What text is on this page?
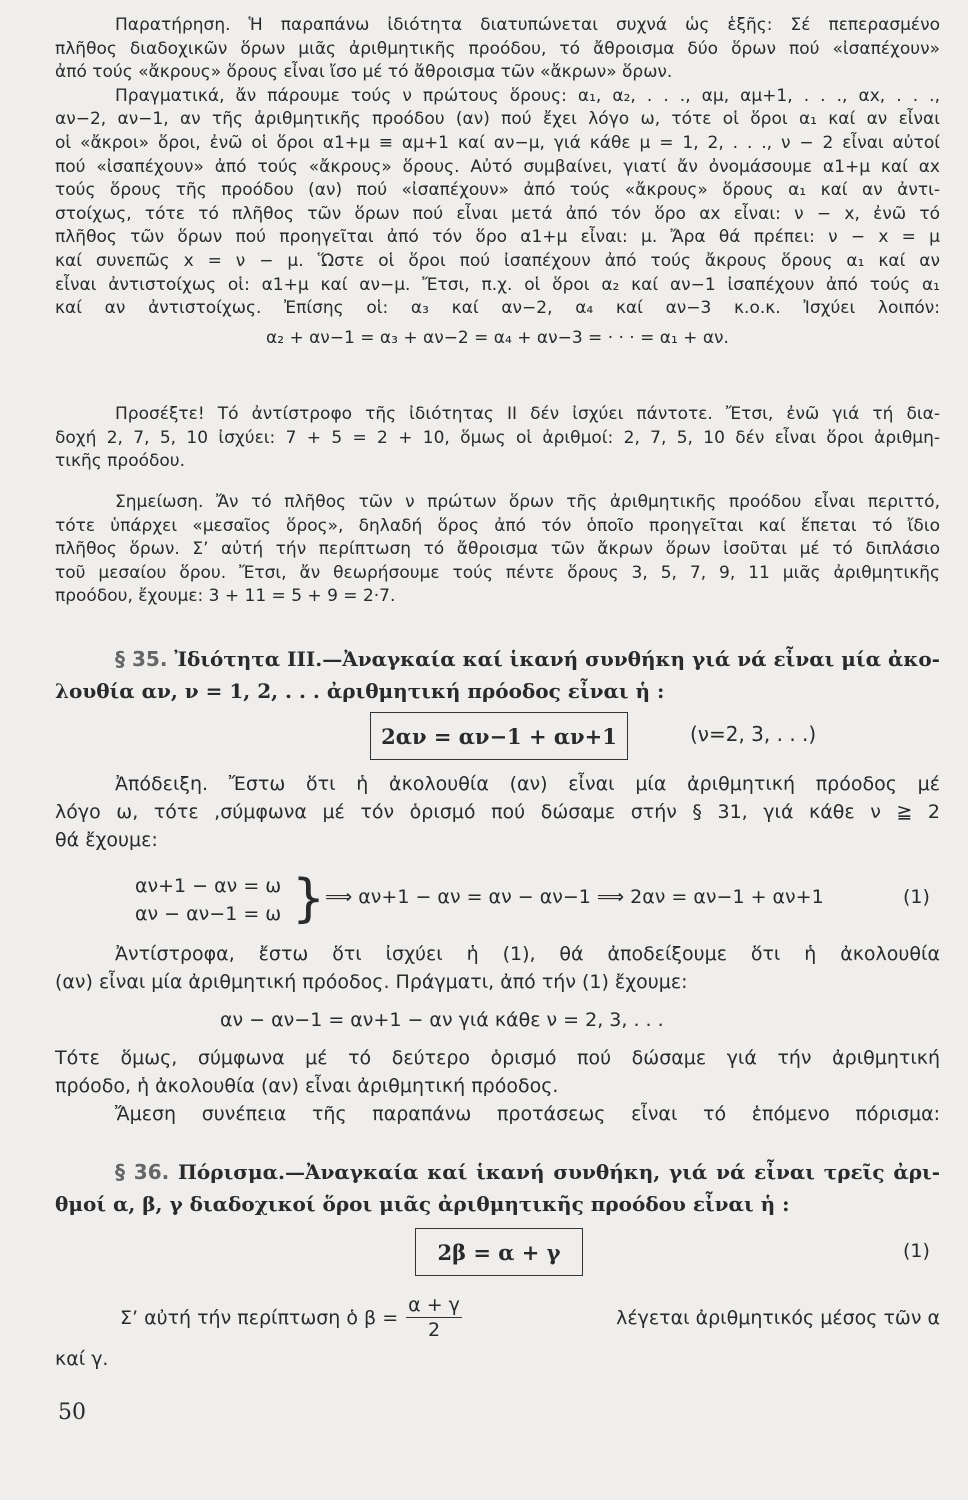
Παρατήρηση. Ἡ παραπάνω ἰδιότητα διατυπώνεται συχνά ὡς ἑξῆς: Σέ πεπερασμένο
πλῆθος διαδοχικῶν ὅρων μιᾶς ἀριθμητικῆς προόδου, τό ἄθροισμα δύο ὅρων πού «ἰσαπέχουν»
ἀπό τούς «ἄκρους» ὅρους εἶναι ἴσο μέ τό ἄθροισμα τῶν «ἄκρων» ὅρων.
Πραγματικά, ἄν πάρουμε τούς ν πρώτους ὅρους: α₁, α₂, . . ., αμ, αμ+1, . . ., αx, . . .,
αν−2, αν−1, αν τῆς ἀριθμητικῆς προόδου (αν) πού ἔχει λόγο ω, τότε οἱ ὅροι α₁ καί αν εἶναι
οἱ «ἄκροι» ὅροι, ἐνῶ οἱ ὅροι α1+μ ≡ αμ+1 καί αν−μ, γιά κάθε μ = 1, 2, . . ., ν − 2 εἶναι αὐτοί
πού «ἰσαπέχουν» ἀπό τούς «ἄκρους» ὅρους. Αὐτό συμβαίνει, γιατί ἄν ὀνομάσουμε α1+μ καί αx
τούς ὅρους τῆς προόδου (αν) πού «ἰσαπέχουν» ἀπό τούς «ἄκρους» ὅρους α₁ καί αν ἀντι-
στοίχως, τότε τό πλῆθος τῶν ὅρων πού εἶναι μετά ἀπό τόν ὅρο αx εἶναι: ν − x, ἐνῶ τό
πλῆθος τῶν ὅρων πού προηγεῖται ἀπό τόν ὅρο α1+μ εἶναι: μ. Ἄρα θά πρέπει: ν − x = μ
καί συνεπῶς x = ν − μ. Ὥστε οἱ ὅροι πού ἰσαπέχουν ἀπό τούς ἄκρους ὅρους α₁ καί αν
εἶναι ἀντιστοίχως οἱ: α1+μ καί αν−μ. Ἔτσι, π.χ. οἱ ὅροι α₂ καί αν−1 ἰσαπέχουν ἀπό τούς α₁
καί αν ἀντιστοίχως. Ἐπίσης οἱ: α₃ καί αν−2, α₄ καί αν−3 κ.ο.κ. Ἰσχύει λοιπόν:
α₂ + αν−1 = α₃ + αν−2 = α₄ + αν−3 = · · · = α₁ + αν.
Προσέξτε! Τό ἀντίστροφο τῆς ἰδιότητας II δέν ἰσχύει πάντοτε. Ἔτσι, ἐνῶ γιά τή δια-
δοχή 2, 7, 5, 10 ἰσχύει: 7 + 5 = 2 + 10, ὅμως οἱ ἀριθμοί: 2, 7, 5, 10 δέν εἶναι ὅροι ἀριθμη-
τικῆς προόδου.
Σημείωση. Ἄν τό πλῆθος τῶν ν πρώτων ὅρων τῆς ἀριθμητικῆς προόδου εἶναι περιττό,
τότε ὑπάρχει «μεσαῖος ὅρος», δηλαδή ὅρος ἀπό τόν ὁποῖο προηγεῖται καί ἕπεται τό ἴδιο
πλῆθος ὅρων. Σ’ αὐτή τήν περίπτωση τό ἄθροισμα τῶν ἄκρων ὅρων ἰσοῦται μέ τό διπλάσιο
τοῦ μεσαίου ὅρου. Ἔτσι, ἄν θεωρήσουμε τούς πέντε ὅρους 3, 5, 7, 9, 11 μιᾶς ἀριθμητικῆς
προόδου, ἔχουμε: 3 + 11 = 5 + 9 = 2·7.
§ 35. Ἰδιότητα III.—Ἀναγκαία καί ἱκανή συνθήκη γιά νά εἶναι μία ἀκο-
λουθία αν, ν = 1, 2, . . . ἀριθμητική πρόοδος εἶναι ἡ :
2αν = αν−1 + αν+1	(ν=2, 3, . . .)
Ἀπόδειξη. Ἔστω ὅτι ἡ ἀκολουθία (αν) εἶναι μία ἀριθμητική πρόοδος μέ
λόγο ω, τότε ,σύμφωνα μέ τόν ὁρισμό πού δώσαμε στήν § 31, γιά κάθε ν ≧ 2
θά ἔχουμε:
αν+1 − αν = ω
αν − αν−1 = ω } ⟹ αν+1 − αν = αν − αν−1 ⟹ 2αν = αν−1 + αν+1	(1)
Ἀντίστροφα, ἔστω ὅτι ἰσχύει ἡ (1), θά ἀποδείξουμε ὅτι ἡ ἀκολουθία
(αν) εἶναι μία ἀριθμητική πρόοδος. Πράγματι, ἀπό τήν (1) ἔχουμε:
αν − αν−1 = αν+1 − αν γιά κάθε ν = 2, 3, . . .
Τότε ὅμως, σύμφωνα μέ τό δεύτερο ὁρισμό πού δώσαμε γιά τήν ἀριθμητική
πρόοδο, ἡ ἀκολουθία (αν) εἶναι ἀριθμητική πρόοδος.
Ἄμεση συνέπεια τῆς παραπάνω προτάσεως εἶναι τό ἑπόμενο πόρισμα:
§ 36. Πόρισμα.—Ἀναγκαία καί ἱκανή συνθήκη, γιά νά εἶναι τρεῖς ἀρι-
θμοί α, β, γ διαδοχικοί ὅροι μιᾶς ἀριθμητικῆς προόδου εἶναι ἡ :
2β = α + γ	(1)
Σ’ αὐτή τήν περίπτωση ὁ $\beta = \frac{\alpha + \gamma}{2}$	λέγεται ἀριθμητικός μέσος τῶν α
καί γ.
50
